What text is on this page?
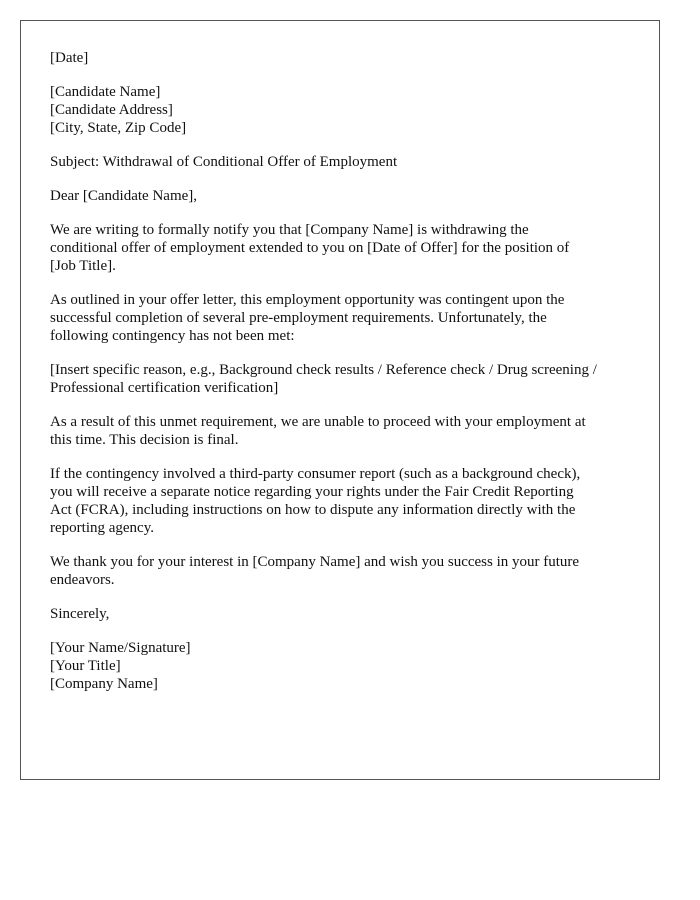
[Date]
[Candidate Name]
[Candidate Address]
[City, State, Zip Code]
Subject: Withdrawal of Conditional Offer of Employment
Dear [Candidate Name],
We are writing to formally notify you that [Company Name] is withdrawing the
conditional offer of employment extended to you on [Date of Offer] for the position of
[Job Title].
As outlined in your offer letter, this employment opportunity was contingent upon the
successful completion of several pre-employment requirements. Unfortunately, the
following contingency has not been met:
[Insert specific reason, e.g., Background check results / Reference check / Drug screening /
Professional certification verification]
As a result of this unmet requirement, we are unable to proceed with your employment at
this time. This decision is final.
If the contingency involved a third-party consumer report (such as a background check),
you will receive a separate notice regarding your rights under the Fair Credit Reporting
Act (FCRA), including instructions on how to dispute any information directly with the
reporting agency.
We thank you for your interest in [Company Name] and wish you success in your future
endeavors.
Sincerely,
[Your Name/Signature]
[Your Title]
[Company Name]
